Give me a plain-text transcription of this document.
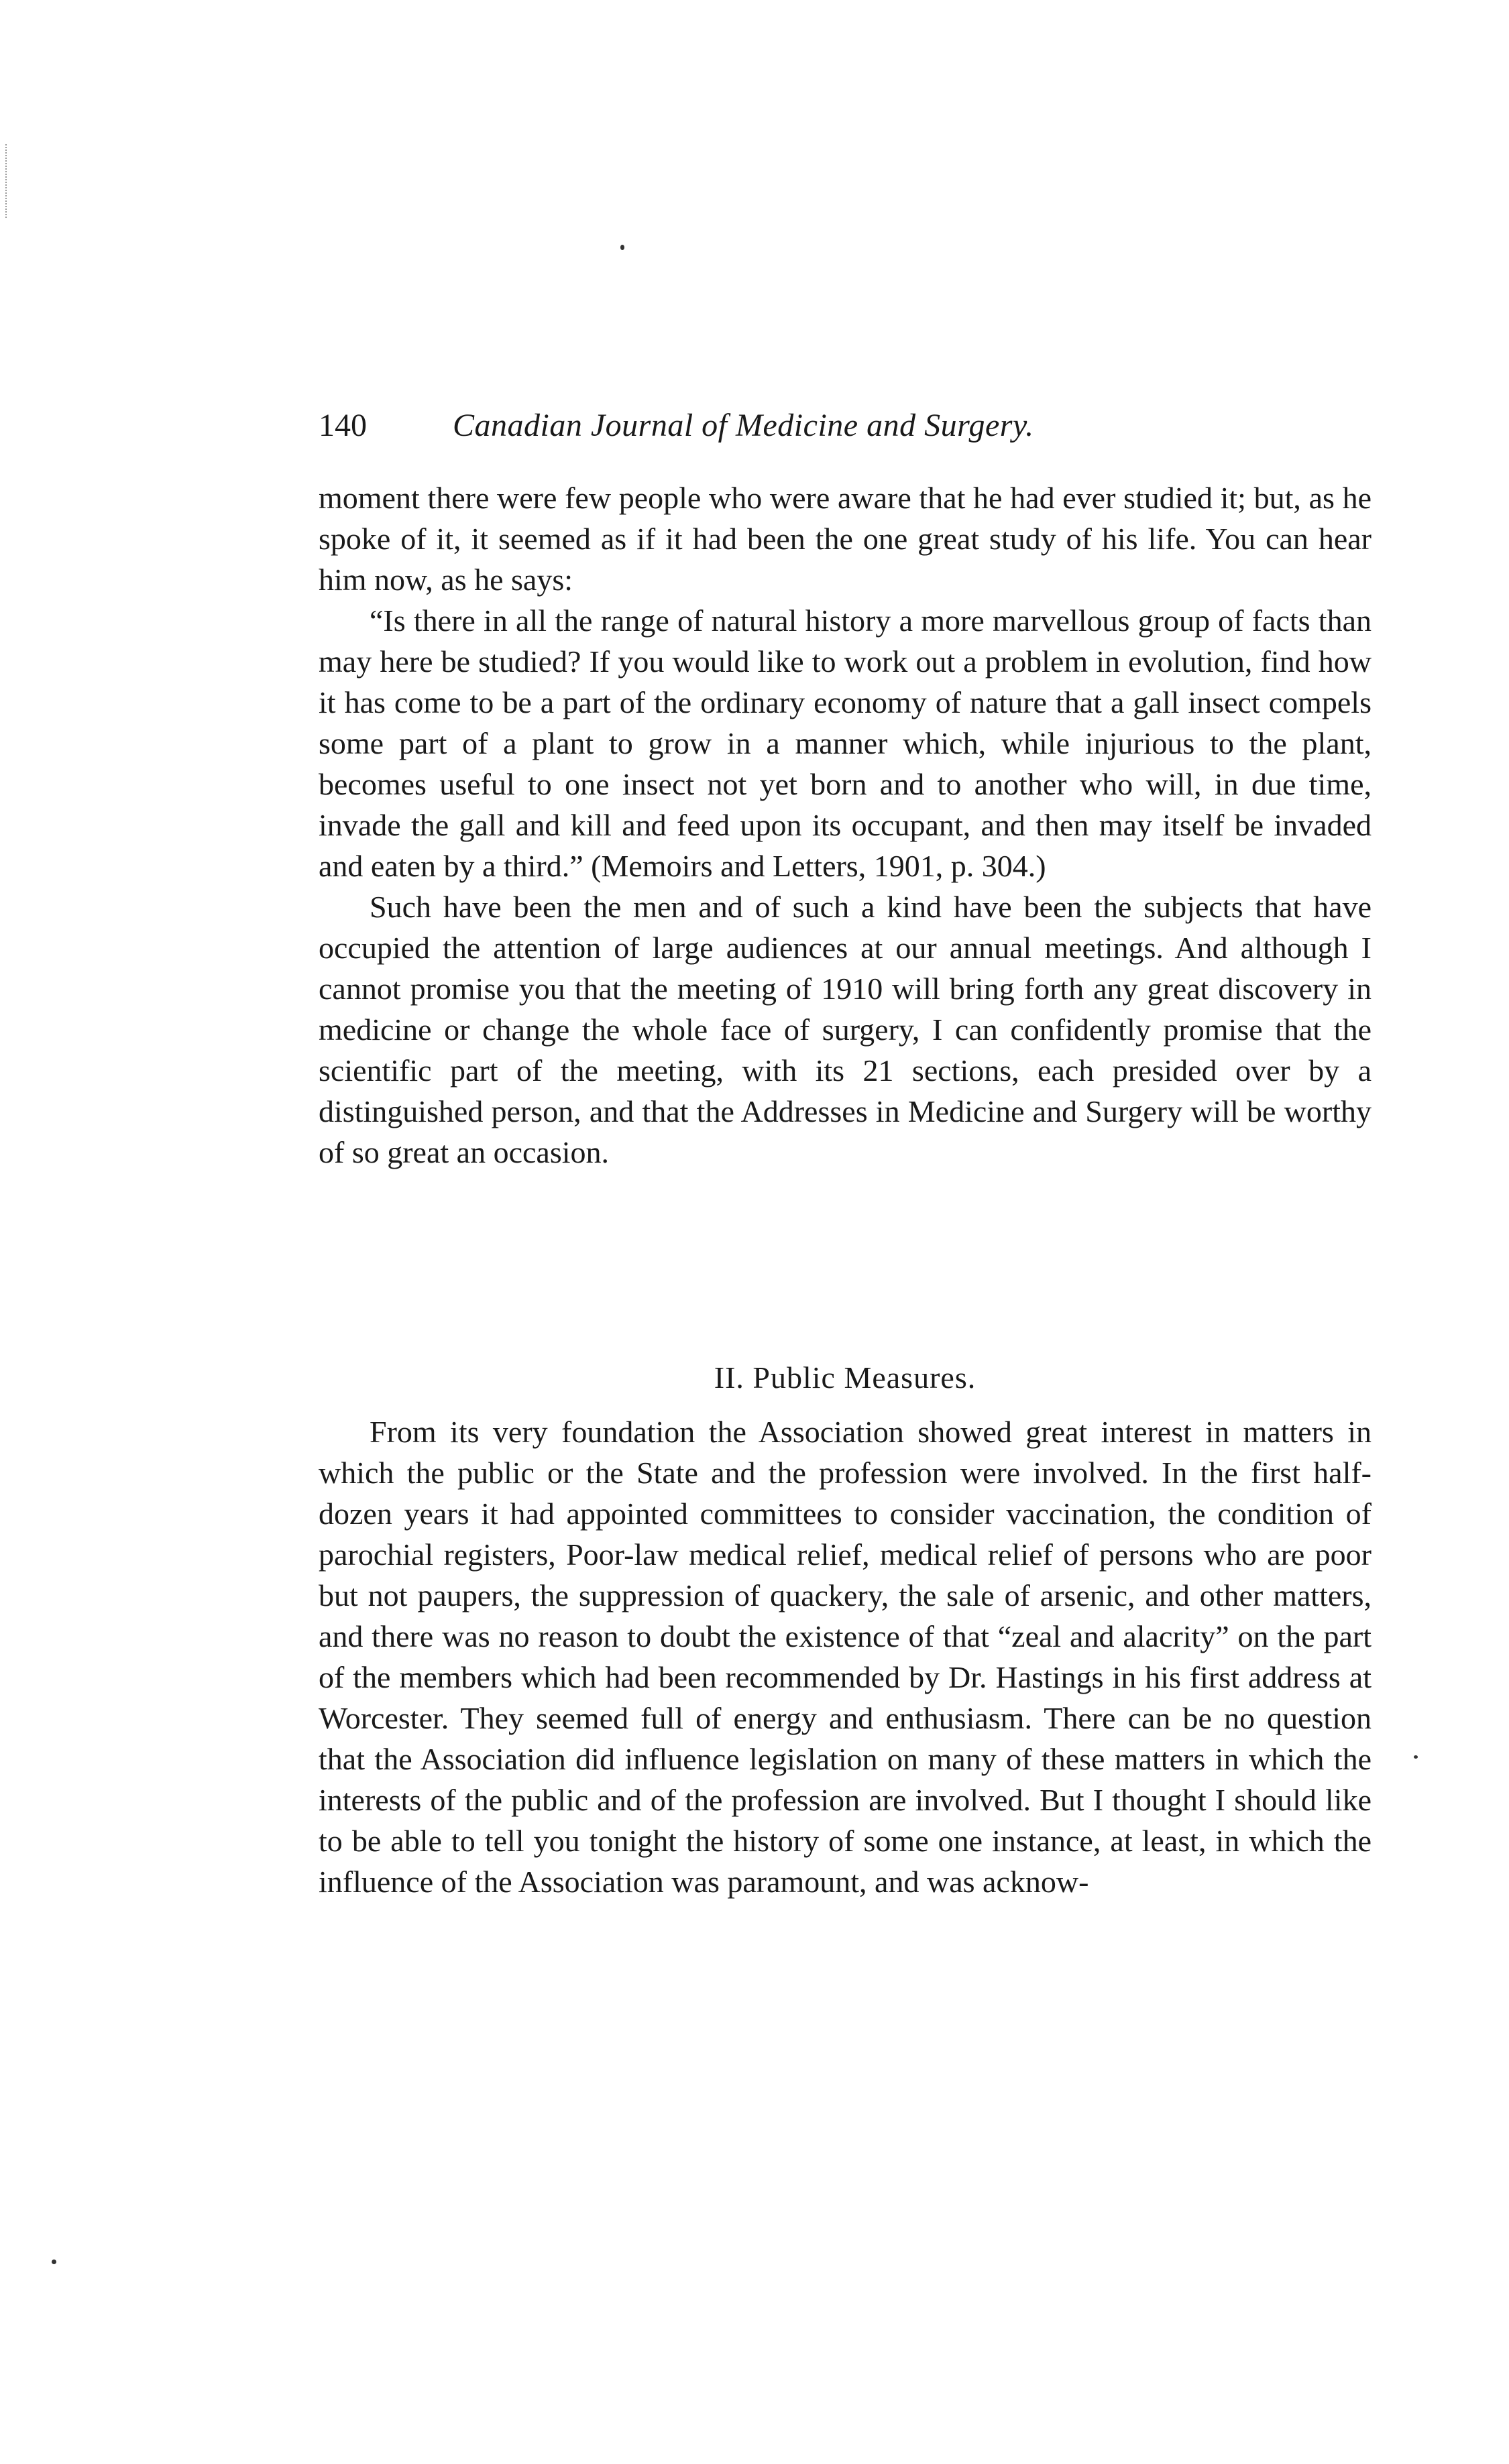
140	Canadian Journal of Medicine and Surgery.

moment there were few people who were aware that he had ever studied it; but, as he spoke of it, it seemed as if it had been the one great study of his life. You can hear him now, as he says:

“Is there in all the range of natural history a more marvellous group of facts than may here be studied? If you would like to work out a problem in evolution, find how it has come to be a part of the ordinary economy of nature that a gall insect compels some part of a plant to grow in a manner which, while injurious to the plant, becomes useful to one insect not yet born and to another who will, in due time, invade the gall and kill and feed upon its occupant, and then may itself be invaded and eaten by a third.” (Memoirs and Letters, 1901, p. 304.)

Such have been the men and of such a kind have been the subjects that have occupied the attention of large audiences at our annual meetings. And although I cannot promise you that the meeting of 1910 will bring forth any great discovery in medicine or change the whole face of surgery, I can confidently promise that the scientific part of the meeting, with its 21 sections, each presided over by a distinguished person, and that the Addresses in Medicine and Surgery will be worthy of so great an occasion.

II. Public Measures.

From its very foundation the Association showed great interest in matters in which the public or the State and the profession were involved. In the first half-dozen years it had appointed committees to consider vaccination, the condition of parochial registers, Poor-law medical relief, medical relief of persons who are poor but not paupers, the suppression of quackery, the sale of arsenic, and other matters, and there was no reason to doubt the existence of that “zeal and alacrity” on the part of the members which had been recommended by Dr. Hastings in his first address at Worcester. They seemed full of energy and enthusiasm. There can be no question that the Association did influence legislation on many of these matters in which the interests of the public and of the profession are involved. But I thought I should like to be able to tell you tonight the history of some one instance, at least, in which the influence of the Association was paramount, and was acknow-
